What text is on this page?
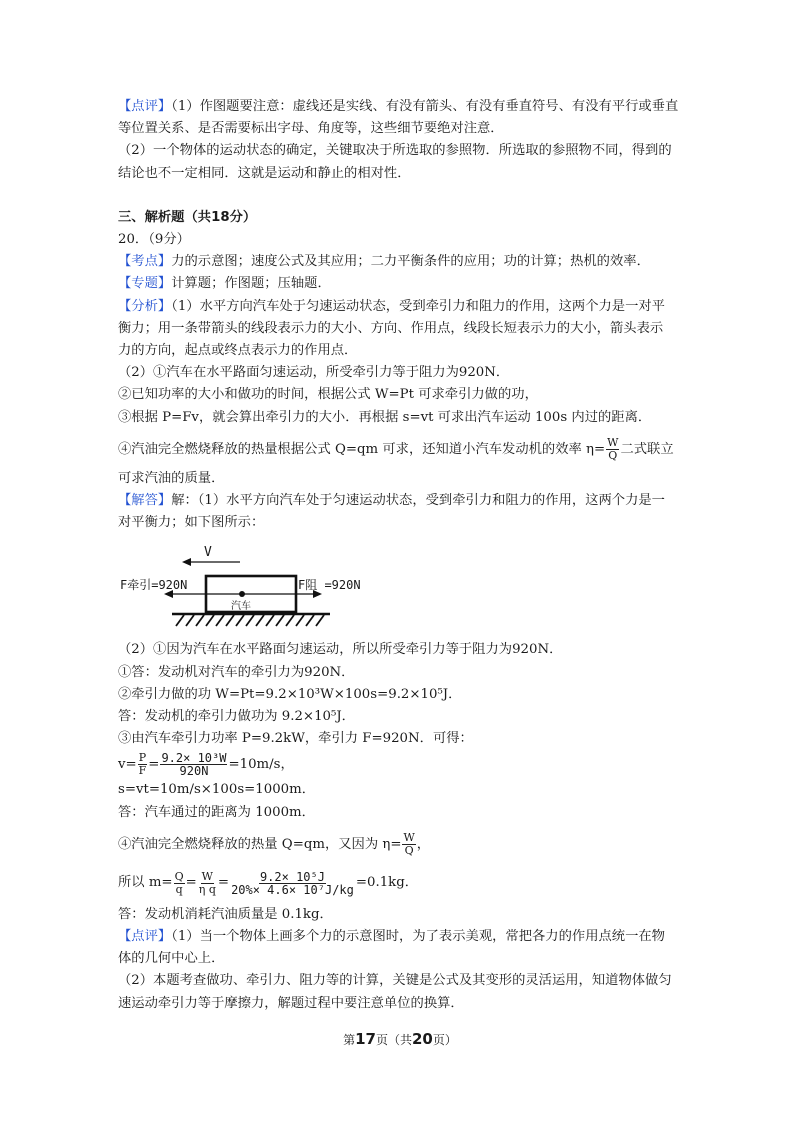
【点评】（1）作图题要注意：虚线还是实线、有没有箭头、有没有垂直符号、有没有平行或垂直

等位置关系、是否需要标出字母、角度等，这些细节要绝对注意．

（2）一个物体的运动状态的确定，关键取决于所选取的参照物．所选取的参照物不同，得到的

结论也不一定相同．这就是运动和静止的相对性．

三、解析题（共18分）

20．（9分）

【考点】力的示意图；速度公式及其应用；二力平衡条件的应用；功的计算；热机的效率．

【专题】计算题；作图题；压轴题．

【分析】（1）水平方向汽车处于匀速运动状态，受到牵引力和阻力的作用，这两个力是一对平

衡力；用一条带箭头的线段表示力的大小、方向、作用点，线段长短表示力的大小，箭头表示

力的方向，起点或终点表示力的作用点．

（2）①汽车在水平路面匀速运动，所受牵引力等于阻力为920N．

②已知功率的大小和做功的时间，根据公式 W=Pt 可求牵引力做的功，

③根据 P=Fv，就会算出牵引力的大小．再根据 s=vt 可求出汽车运动 100s 内过的距离．

④汽油完全燃烧释放的热量根据公式 Q=qm 可求，还知道小汽车发动机的效率 $\eta= \frac{W}{Q}$ 二式联立

可求汽油的质量．

【解答】解：（1）水平方向汽车处于匀速运动状态，受到牵引力和阻力的作用，这两个力是一

对平衡力；如下图所示：

V
F牵引=920N	F阻 =920N
汽车

（2）①因为汽车在水平路面匀速运动，所以所受牵引力等于阻力为920N．

①答：发动机对汽车的牵引力为920N．

②牵引力做的功 W=Pt=9.2×10³W×100s=9.2×10⁵J．

答：发动机的牵引力做功为 9.2×10⁵J．

③由汽车牵引力功率 P=9.2kW，牵引力 F=920N．可得：

$v= \frac{P}{F} = \frac{\text{9.2× 10³W}}{920N} =10m/s$，

s=vt=10m/s×100s=1000m．

答：汽车通过的距离为 1000m．

④汽油完全燃烧释放的热量 Q=qm，又因为 $\eta= \frac{W}{Q}$ ，

所以 $m= \frac{Q}{q} = \frac{W}{\text{η q}} = \frac{\text{9.2× 10⁵J}}{\text{20\%× 4.6× 10⁷J/kg}} =0.1kg$．

答：发动机消耗汽油质量是 0.1kg．

【点评】（1）当一个物体上画多个力的示意图时，为了表示美观，常把各力的作用点统一在物

体的几何中心上．

（2）本题考查做功、牵引力、阻力等的计算，关键是公式及其变形的灵活运用，知道物体做匀

速运动牵引力等于摩擦力，解题过程中要注意单位的换算．

第17页（共20页）
